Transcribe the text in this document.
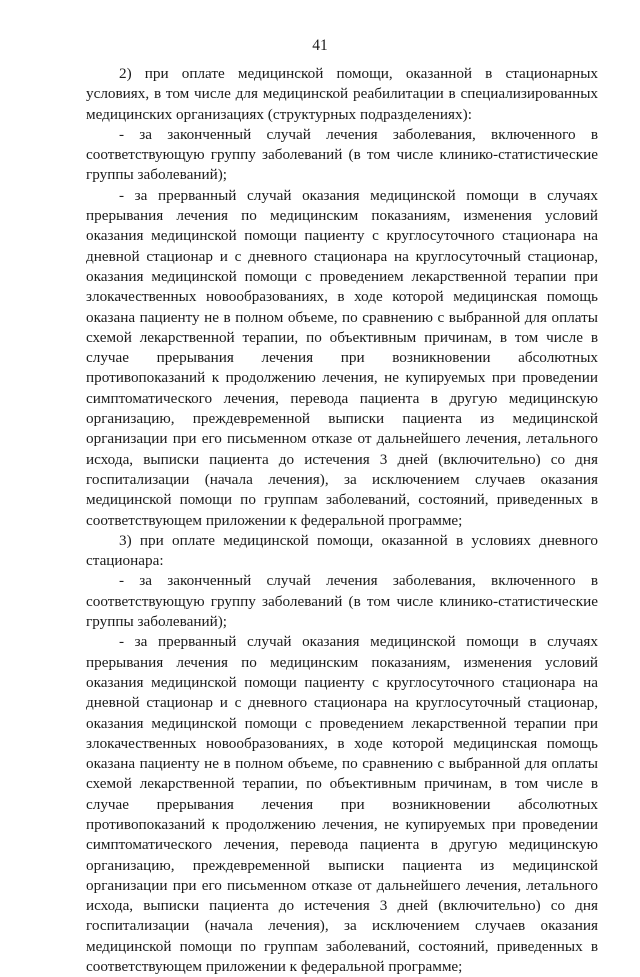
41

2) при оплате медицинской помощи, оказанной в стационарных условиях, в том числе для медицинской реабилитации в специализированных медицинских организациях (структурных подразделениях):

- за законченный случай лечения заболевания, включенного в соответствующую группу заболеваний (в том числе клинико-статистические группы заболеваний);

- за прерванный случай оказания медицинской помощи в случаях прерывания лечения по медицинским показаниям, изменения условий оказания медицинской помощи пациенту с круглосуточного стационара на дневной стационар и с дневного стационара на круглосуточный стационар, оказания медицинской помощи с проведением лекарственной терапии при злокачественных новообразованиях, в ходе которой медицинская помощь оказана пациенту не в полном объеме, по сравнению с выбранной для оплаты схемой лекарственной терапии, по объективным причинам, в том числе в случае прерывания лечения при возникновении абсолютных противопоказаний к продолжению лечения, не купируемых при проведении симптоматического лечения, перевода пациента в другую медицинскую организацию, преждевременной выписки пациента из медицинской организации при его письменном отказе от дальнейшего лечения, летального исхода, выписки пациента до истечения 3 дней (включительно) со дня госпитализации (начала лечения), за исключением случаев оказания медицинской помощи по группам заболеваний, состояний, приведенных в соответствующем приложении к федеральной программе;

3) при оплате медицинской помощи, оказанной в условиях дневного стационара:

- за законченный случай лечения заболевания, включенного в соответствующую группу заболеваний (в том числе клинико-статистические группы заболеваний);

- за прерванный случай оказания медицинской помощи в случаях прерывания лечения по медицинским показаниям, изменения условий оказания медицинской помощи пациенту с круглосуточного стационара на дневной стационар и с дневного стационара на круглосуточный стационар, оказания медицинской помощи с проведением лекарственной терапии при злокачественных новообразованиях, в ходе которой медицинская помощь оказана пациенту не в полном объеме, по сравнению с выбранной для оплаты схемой лекарственной терапии, по объективным причинам, в том числе в случае прерывания лечения при возникновении абсолютных противопоказаний к продолжению лечения, не купируемых при проведении симптоматического лечения, перевода пациента в другую медицинскую организацию, преждевременной выписки пациента из медицинской организации при его письменном отказе от дальнейшего лечения, летального исхода, выписки пациента до истечения 3 дней (включительно) со дня госпитализации (начала лечения), за исключением случаев оказания медицинской помощи по группам заболеваний, состояний, приведенных в соответствующем приложении к федеральной программе;
